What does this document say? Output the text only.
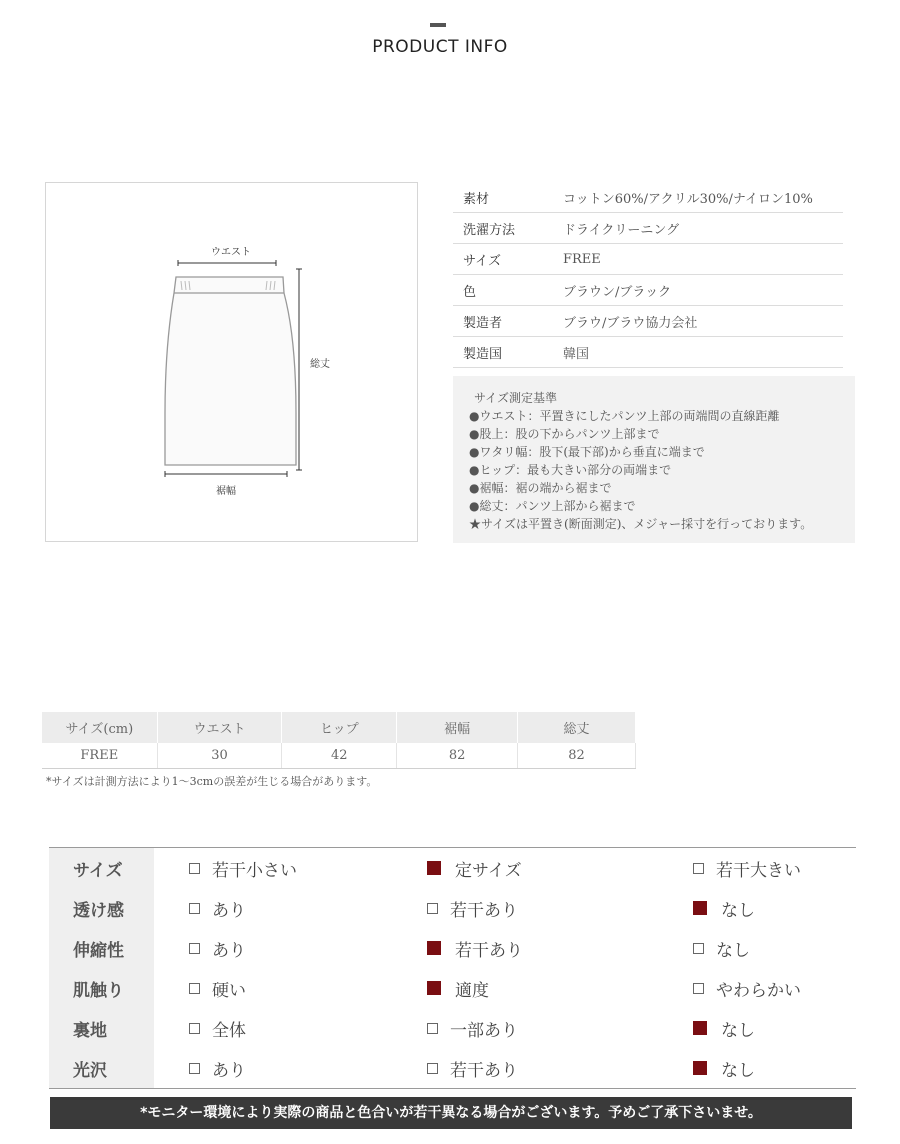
PRODUCT INFO
ウエスト
総丈
裾幅
素材	コットン60%/アクリル30%/ナイロン10%
洗濯方法	ドライクリーニング
サイズ	FREE
色	ブラウン/ブラック
製造者	ブラウ/ブラウ協力会社
製造国	韓国
サイズ測定基準
●ウエスト：平置きにしたパンツ上部の両端間の直線距離
●股上：股の下からパンツ上部まで
●ワタリ幅：股下(最下部)から垂直に端まで
●ヒップ：最も大きい部分の両端まで
●裾幅：裾の端から裾まで
●総丈：パンツ上部から裾まで
★サイズは平置き(断面測定)、メジャー採寸を行っております。
サイズ(cm)	ウエスト	ヒップ	裾幅	総丈
FREE	30	42	82	82
*サイズは計測方法により1～3cmの誤差が生じる場合があります。
サイズ	若干小さい	定サイズ	若干大きい
透け感	あり	若干あり	なし
伸縮性	あり	若干あり	なし
肌触り	硬い	適度	やわらかい
裏地	全体	一部あり	なし
光沢	あり	若干あり	なし
*モニター環境により実際の商品と色合いが若干異なる場合がございます。予めご了承下さいませ。
